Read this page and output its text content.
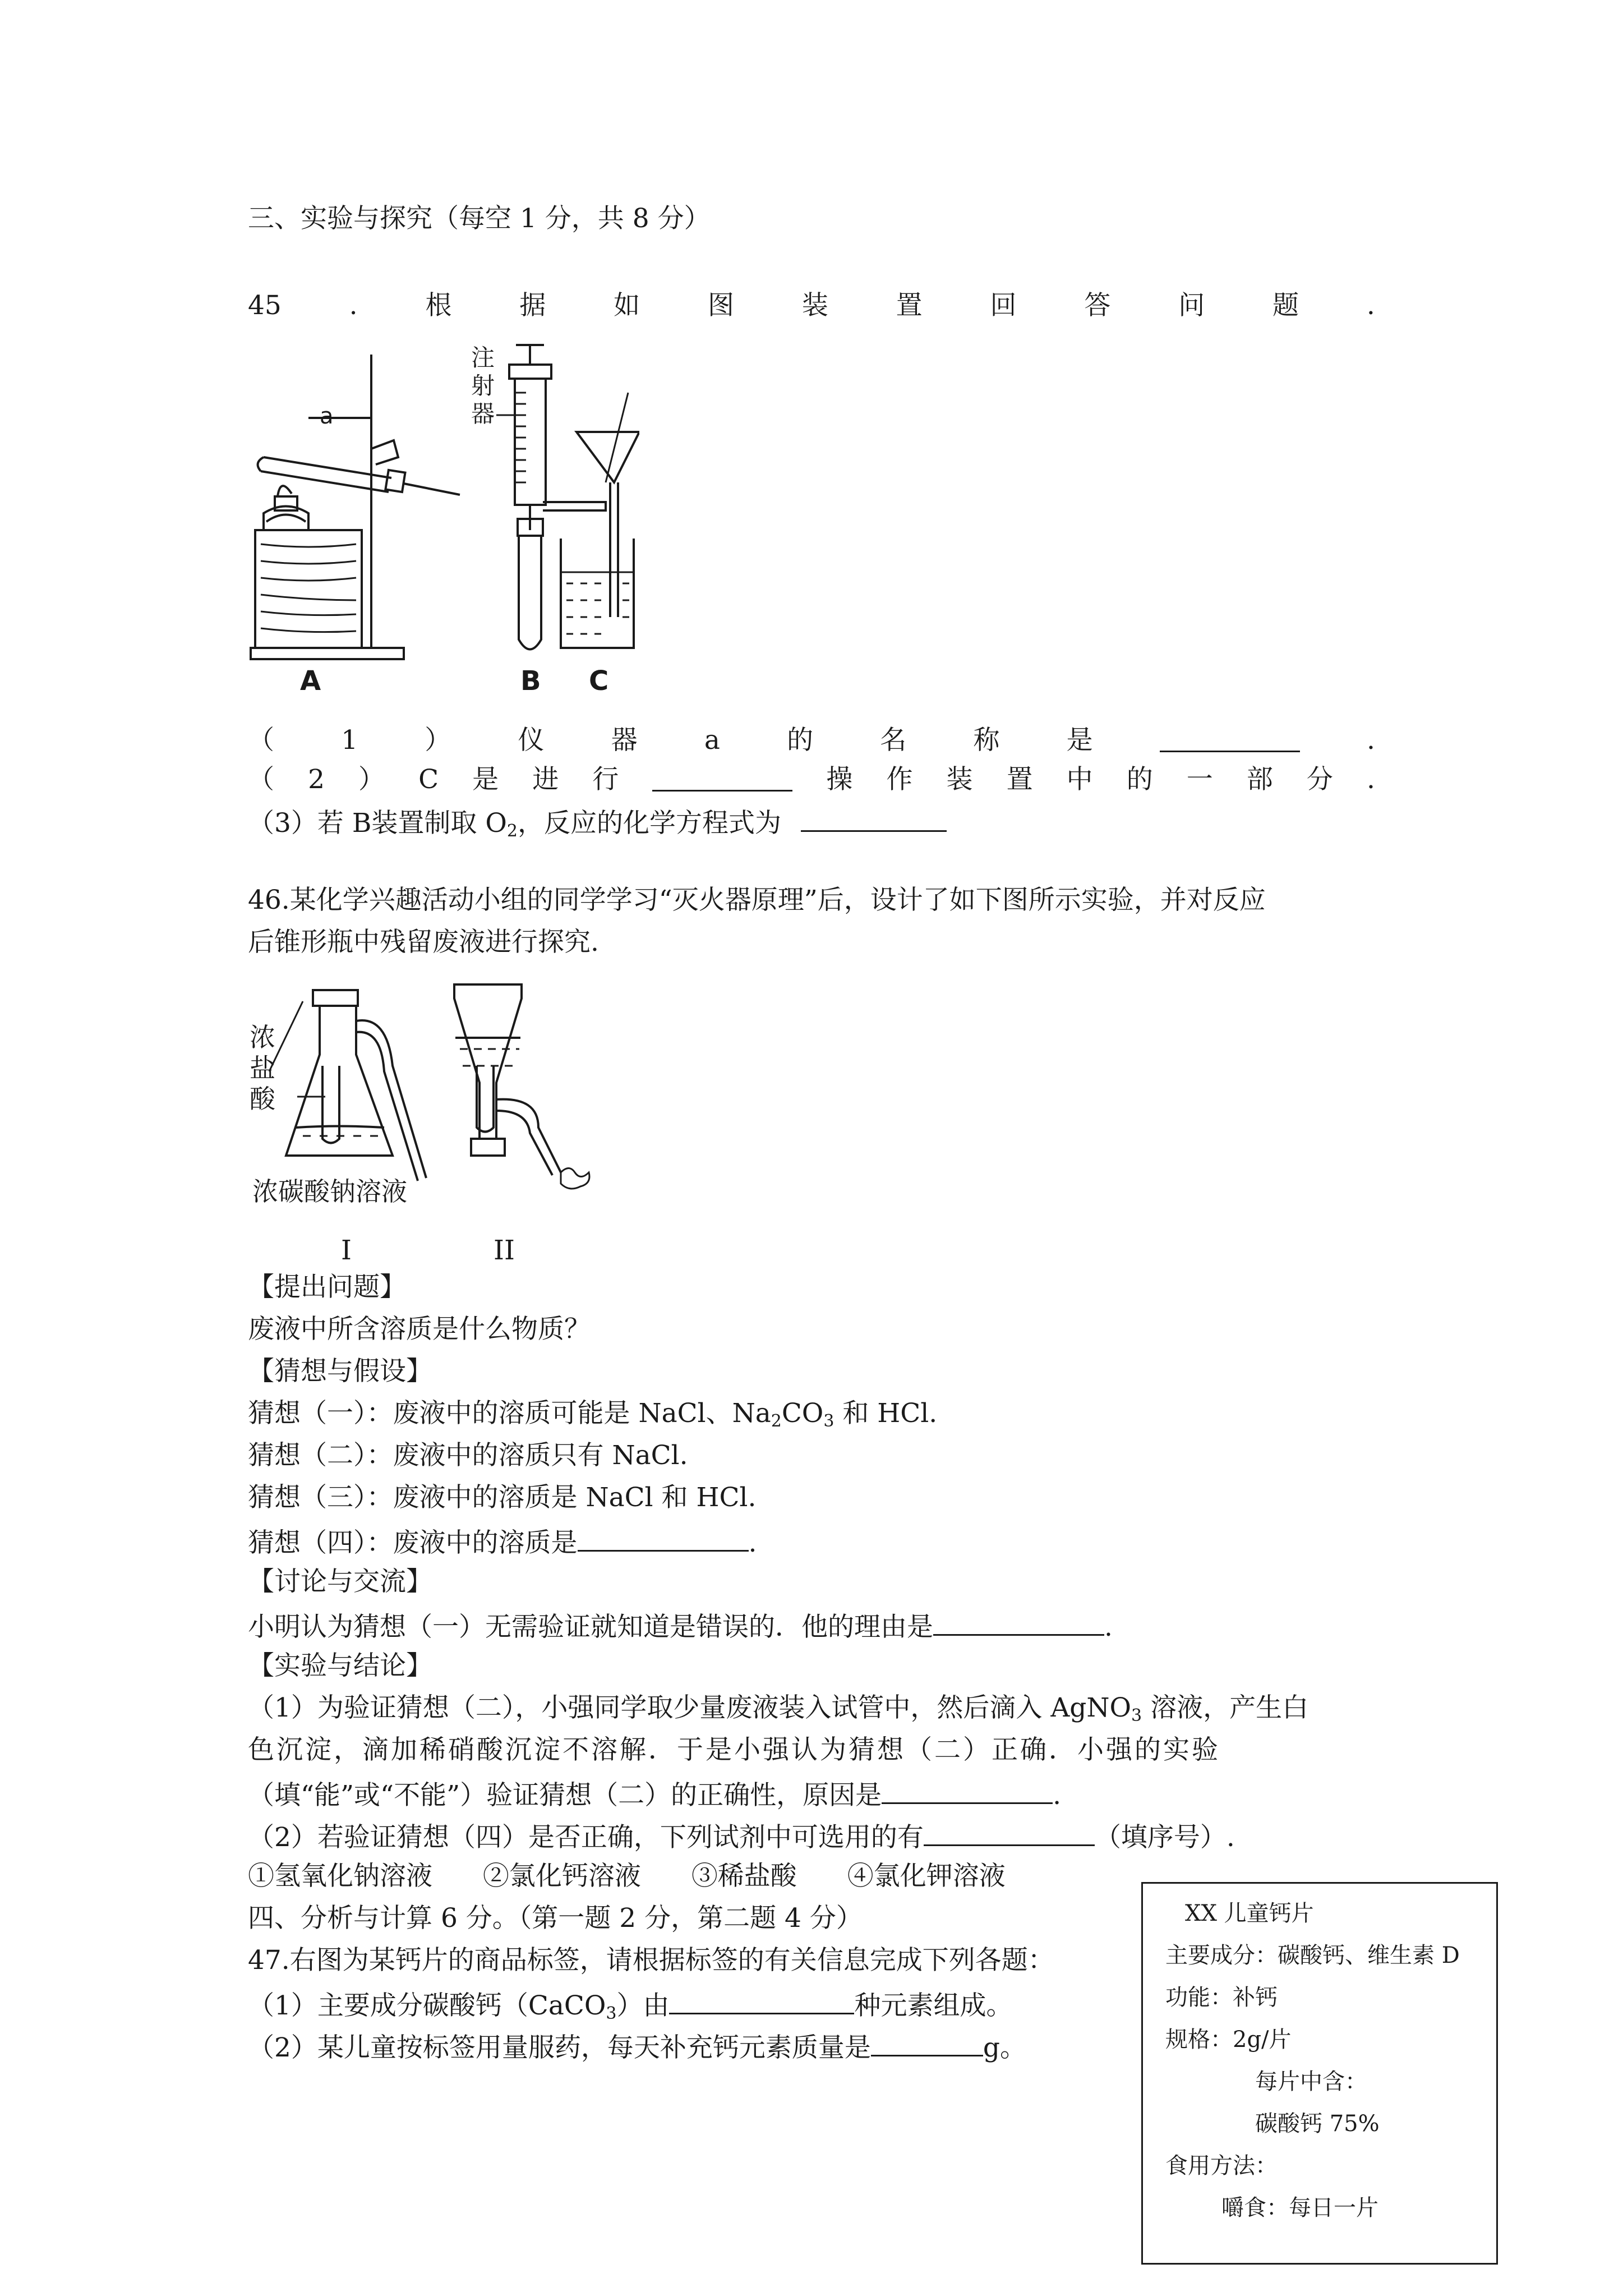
三、实验与探究（每空 1 分，共 8 分）
45	.	根	据	如	图	装	置	回	答	问	题	.
a
A
注
射
器
B C
（	1	）	仪	器	a	的	名	称	是	.
（ 2 ） C 是 进 行	操 作 装 置 中 的 一 部 分 .
（3）若 B装置制取 $O_2$，反应的化学方程式为
46.某化学兴趣活动小组的同学学习“灭火器原理”后，设计了如下图所示实验，并对反应
后锥形瓶中残留废液进行探究.
浓
盐
酸
浓碳酸钠溶液
I	II
【提出问题】
废液中所含溶质是什么物质？
【猜想与假设】
猜想（一）：废液中的溶质可能是 NaCl、$Na_2CO_3$ 和 HCl.
猜想（二）：废液中的溶质只有 NaCl.
猜想（三）：废液中的溶质是 NaCl 和 HCl.
猜想（四）：废液中的溶质是	.
【讨论与交流】
小明认为猜想（一）无需验证就知道是错误的．他的理由是	.
【实验与结论】
（1）为验证猜想（二），小强同学取少量废液装入试管中，然后滴入 AgNO$_3$ 溶液，产生白
色沉淀，滴加稀硝酸沉淀不溶解．于是小强认为猜想（二）正确．小强的实验
（填“能”或“不能”）验证猜想（二）的正确性，原因是	.
（2）若验证猜想（四）是否正确，下列试剂中可选用的有	（填序号）.
①氢氧化钠溶液 ②氯化钙溶液 ③稀盐酸 ④氯化钾溶液
四、分析与计算 6 分。（第一题 2 分，第二题 4 分）
47.右图为某钙片的商品标签，请根据标签的有关信息完成下列各题：
（1）主要成分碳酸钙（CaCO$_3$）由	种元素组成。
（2）某儿童按标签用量服药，每天补充钙元素质量是	g。
XX 儿童钙片
主要成分：碳酸钙、维生素 D
功能：补钙
规格：2g/片
每片中含：
碳酸钙 75%
食用方法：
嚼食：每日一片
